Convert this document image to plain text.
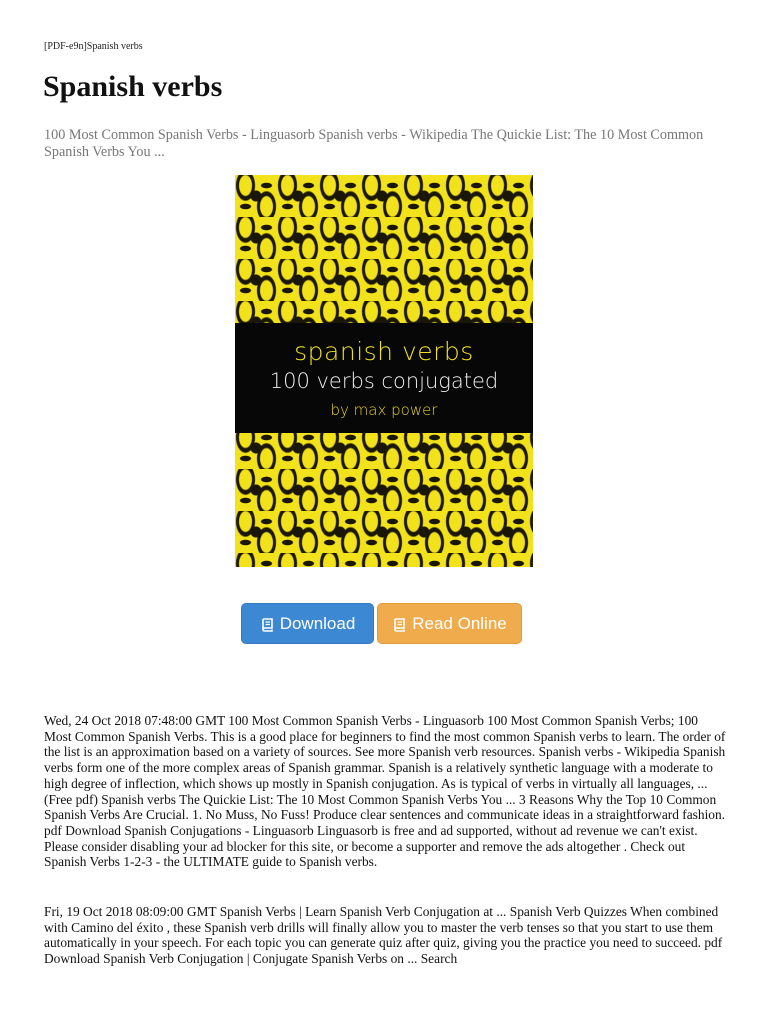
[PDF-e9n]Spanish verbs
Spanish verbs
100 Most Common Spanish Verbs - Linguasorb Spanish verbs - Wikipedia The Quickie List: The 10 Most Common Spanish Verbs You ...
spanish verbs
100 verbs conjugated
by max power
Download	Read Online

Wed, 24 Oct 2018 07:48:00 GMT 100 Most Common Spanish Verbs - Linguasorb 100 Most Common Spanish Verbs; 100 Most Common Spanish Verbs. This is a good place for beginners to find the most common Spanish verbs to learn. The order of the list is an approximation based on a variety of sources. See more Spanish verb resources. Spanish verbs - Wikipedia Spanish verbs form one of the more complex areas of Spanish grammar. Spanish is a relatively synthetic language with a moderate to high degree of inflection, which shows up mostly in Spanish conjugation. As is typical of verbs in virtually all languages, ... (Free pdf) Spanish verbs The Quickie List: The 10 Most Common Spanish Verbs You ... 3 Reasons Why the Top 10 Common Spanish Verbs Are Crucial. 1. No Muss, No Fuss! Produce clear sentences and communicate ideas in a straightforward fashion. pdf Download Spanish Conjugations - Linguasorb Linguasorb is free and ad supported, without ad revenue we can't exist. Please consider disabling your ad blocker for this site, or become a supporter and remove the ads altogether . Check out Spanish Verbs 1-2-3 - the ULTIMATE guide to Spanish verbs.

Fri, 19 Oct 2018 08:09:00 GMT Spanish Verbs | Learn Spanish Verb Conjugation at ... Spanish Verb Quizzes When combined with Camino del éxito , these Spanish verb drills will finally allow you to master the verb tenses so that you start to use them automatically in your speech. For each topic you can generate quiz after quiz, giving you the practice you need to succeed. pdf Download Spanish Verb Conjugation | Conjugate Spanish Verbs on ... Search
